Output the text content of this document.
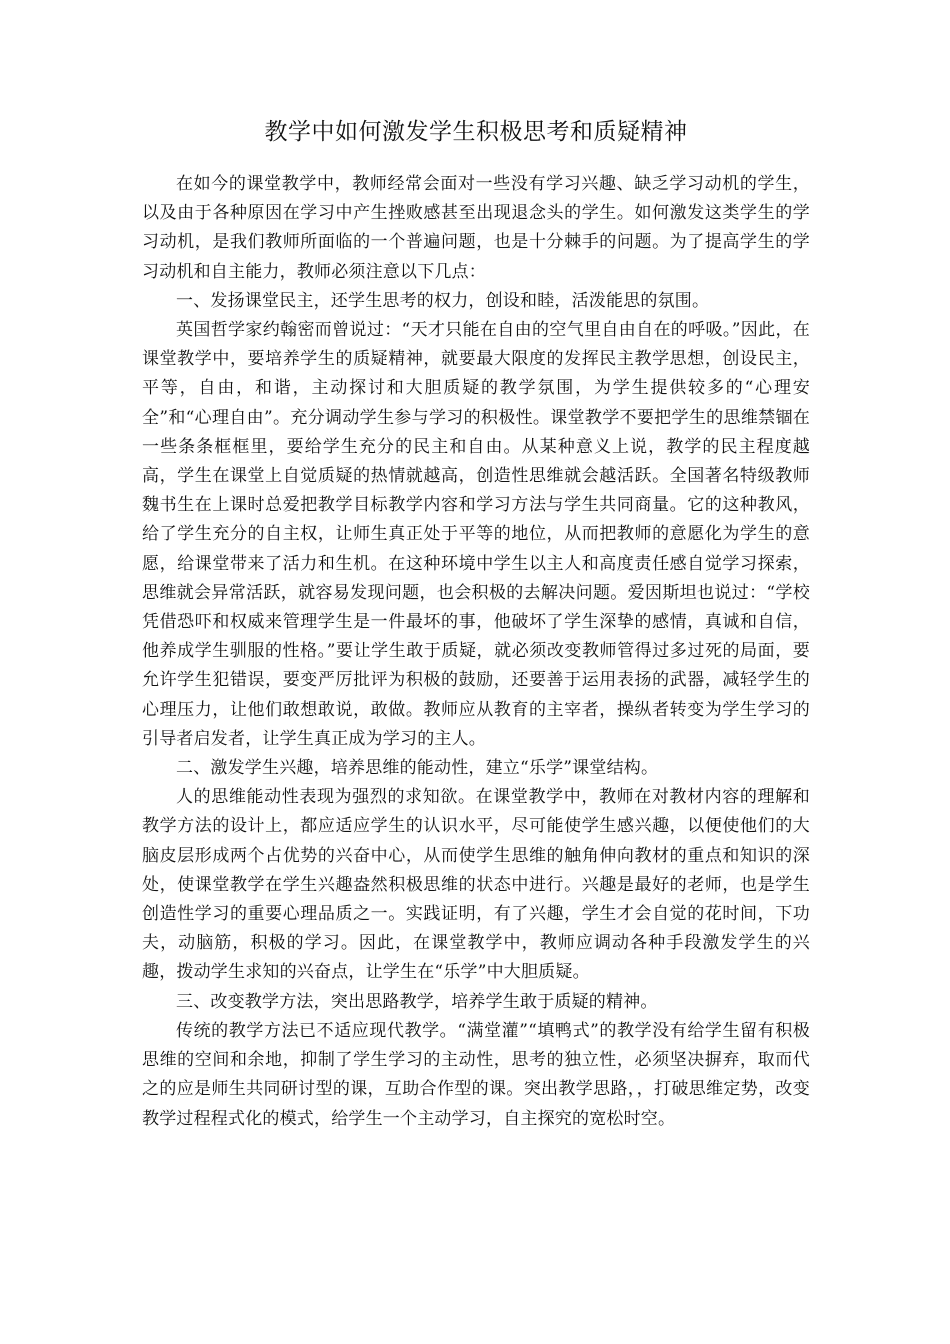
教学中如何激发学生积极思考和质疑精神

在如今的课堂教学中，教师经常会面对一些没有学习兴趣、缺乏学习动机的学生，以及由于各种原因在学习中产生挫败感甚至出现退念头的学生。如何激发这类学生的学习动机，是我们教师所面临的一个普遍问题，也是十分棘手的问题。为了提高学生的学习动机和自主能力，教师必须注意以下几点：

一、发扬课堂民主，还学生思考的权力，创设和睦，活泼能思的氛围。

英国哲学家约翰密而曾说过：“天才只能在自由的空气里自由自在的呼吸。”因此，在课堂教学中，要培养学生的质疑精神，就要最大限度的发挥民主教学思想，创设民主，平等，自由，和谐，主动探讨和大胆质疑的教学氛围，为学生提供较多的“心理安全”和“心理自由”。充分调动学生参与学习的积极性。课堂教学不要把学生的思维禁锢在一些条条框框里，要给学生充分的民主和自由。从某种意义上说，教学的民主程度越高，学生在课堂上自觉质疑的热情就越高，创造性思维就会越活跃。全国著名特级教师魏书生在上课时总爱把教学目标教学内容和学习方法与学生共同商量。它的这种教风，给了学生充分的自主权，让师生真正处于平等的地位，从而把教师的意愿化为学生的意愿，给课堂带来了活力和生机。在这种环境中学生以主人和高度责任感自觉学习探索，思维就会异常活跃，就容易发现问题，也会积极的去解决问题。爱因斯坦也说过：“学校凭借恐吓和权威来管理学生是一件最坏的事，他破坏了学生深挚的感情，真诚和自信，他养成学生驯服的性格。”要让学生敢于质疑，就必须改变教师管得过多过死的局面，要允许学生犯错误，要变严厉批评为积极的鼓励，还要善于运用表扬的武器，减轻学生的心理压力，让他们敢想敢说，敢做。教师应从教育的主宰者，操纵者转变为学生学习的引导者启发者，让学生真正成为学习的主人。

二、激发学生兴趣，培养思维的能动性，建立“乐学”课堂结构。

人的思维能动性表现为强烈的求知欲。在课堂教学中，教师在对教材内容的理解和教学方法的设计上，都应适应学生的认识水平，尽可能使学生感兴趣，以便使他们的大脑皮层形成两个占优势的兴奋中心，从而使学生思维的触角伸向教材的重点和知识的深处，使课堂教学在学生兴趣盎然积极思维的状态中进行。兴趣是最好的老师，也是学生创造性学习的重要心理品质之一。实践证明，有了兴趣，学生才会自觉的花时间，下功夫，动脑筋，积极的学习。因此，在课堂教学中，教师应调动各种手段激发学生的兴趣，拨动学生求知的兴奋点，让学生在“乐学”中大胆质疑。

三、改变教学方法，突出思路教学，培养学生敢于质疑的精神。

传统的教学方法已不适应现代教学。“满堂灌”“填鸭式”的教学没有给学生留有积极思维的空间和余地，抑制了学生学习的主动性，思考的独立性，必须坚决摒弃，取而代之的应是师生共同研讨型的课，互助合作型的课。突出教学思路，，打破思维定势，改变教学过程程式化的模式，给学生一个主动学习，自主探究的宽松时空。
